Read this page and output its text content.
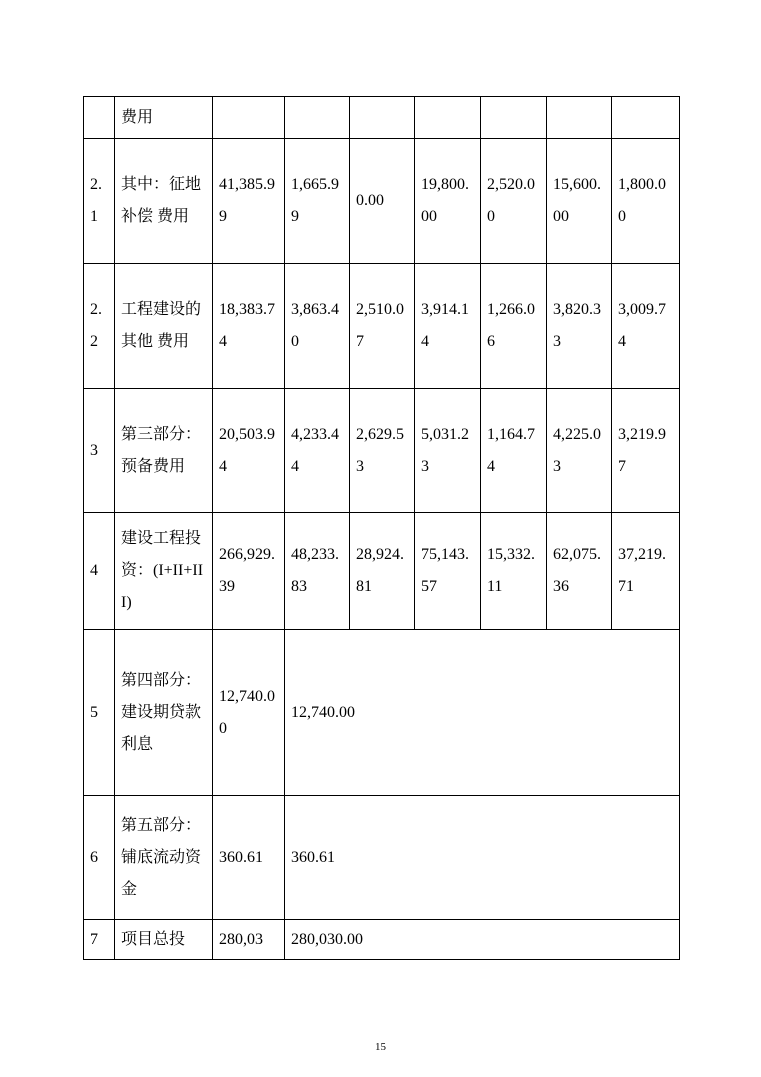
	费用							
2.1	其中：征地补偿 费用	41,385.99	1,665.99	0.00	19,800.00	2,520.00	15,600.00	1,800.00
2.2	工程建设的其他 费用	18,383.74	3,863.40	2,510.07	3,914.14	1,266.06	3,820.33	3,009.74
3	第三部分：预备费用	20,503.94	4,233.44	2,629.53	5,031.23	1,164.74	4,225.03	3,219.97
4	建设工程投资：(I+II+III)	266,929.39	48,233.83	28,924.81	75,143.57	15,332.11	62,075.36	37,219.71
5	第四部分：建设期贷款利息	12,740.00	12,740.00					
6	第五部分：铺底流动资金	360.61	360.61					
7	项目总投	280,03	280,030.00					
15
